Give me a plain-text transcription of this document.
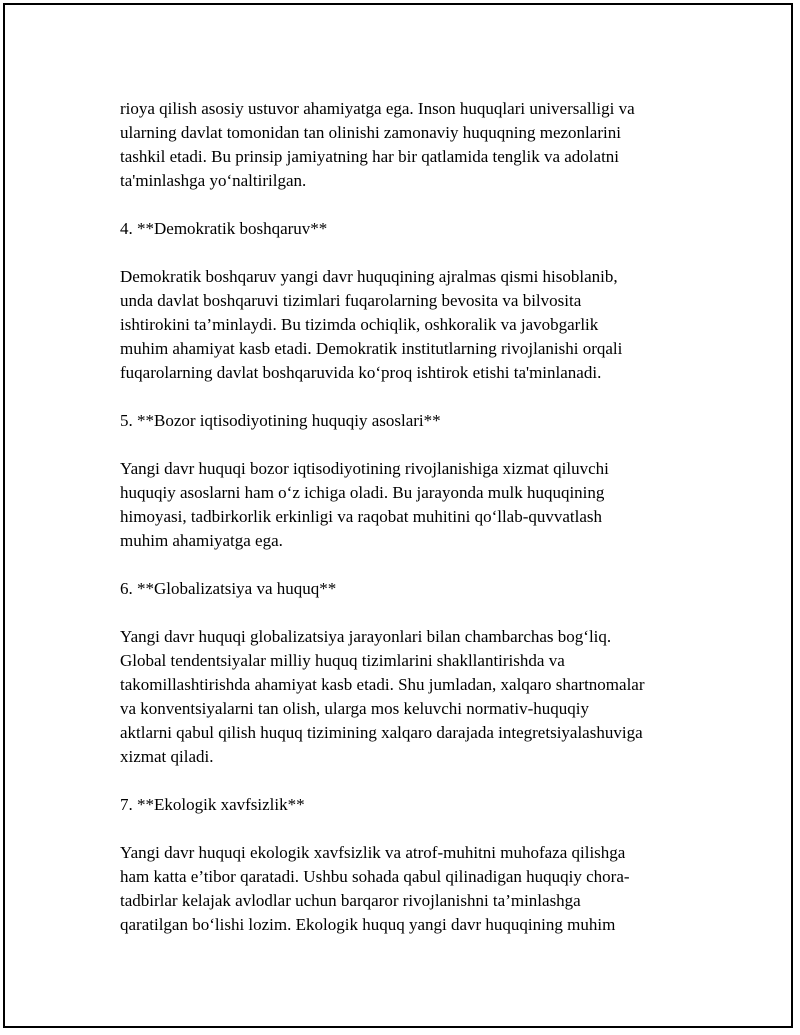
rioya qilish asosiy ustuvor ahamiyatga ega. Inson huquqlari universalligi va
ularning davlat tomonidan tan olinishi zamonaviy huquqning mezonlarini
tashkil etadi. Bu prinsip jamiyatning har bir qatlamida tenglik va adolatni
ta'minlashga yo‘naltirilgan.

4. **Demokratik boshqaruv**

Demokratik boshqaruv yangi davr huquqining ajralmas qismi hisoblanib,
unda davlat boshqaruvi tizimlari fuqarolarning bevosita va bilvosita
ishtirokini ta’minlaydi. Bu tizimda ochiqlik, oshkoralik va javobgarlik
muhim ahamiyat kasb etadi. Demokratik institutlarning rivojlanishi orqali
fuqarolarning davlat boshqaruvida ko‘proq ishtirok etishi ta'minlanadi.

5. **Bozor iqtisodiyotining huquqiy asoslari**

Yangi davr huquqi bozor iqtisodiyotining rivojlanishiga xizmat qiluvchi
huquqiy asoslarni ham o‘z ichiga oladi. Bu jarayonda mulk huquqining
himoyasi, tadbirkorlik erkinligi va raqobat muhitini qo‘llab-quvvatlash
muhim ahamiyatga ega.

6. **Globalizatsiya va huquq**

Yangi davr huquqi globalizatsiya jarayonlari bilan chambarchas bog‘liq.
Global tendentsiyalar milliy huquq tizimlarini shakllantirishda va
takomillashtirishda ahamiyat kasb etadi. Shu jumladan, xalqaro shartnomalar
va konventsiyalarni tan olish, ularga mos keluvchi normativ-huquqiy
aktlarni qabul qilish huquq tizimining xalqaro darajada integretsiyalashuviga
xizmat qiladi.

7. **Ekologik xavfsizlik**

Yangi davr huquqi ekologik xavfsizlik va atrof-muhitni muhofaza qilishga
ham katta e’tibor qaratadi. Ushbu sohada qabul qilinadigan huquqiy chora-
tadbirlar kelajak avlodlar uchun barqaror rivojlanishni ta’minlashga
qaratilgan bo‘lishi lozim. Ekologik huquq yangi davr huquqining muhim
